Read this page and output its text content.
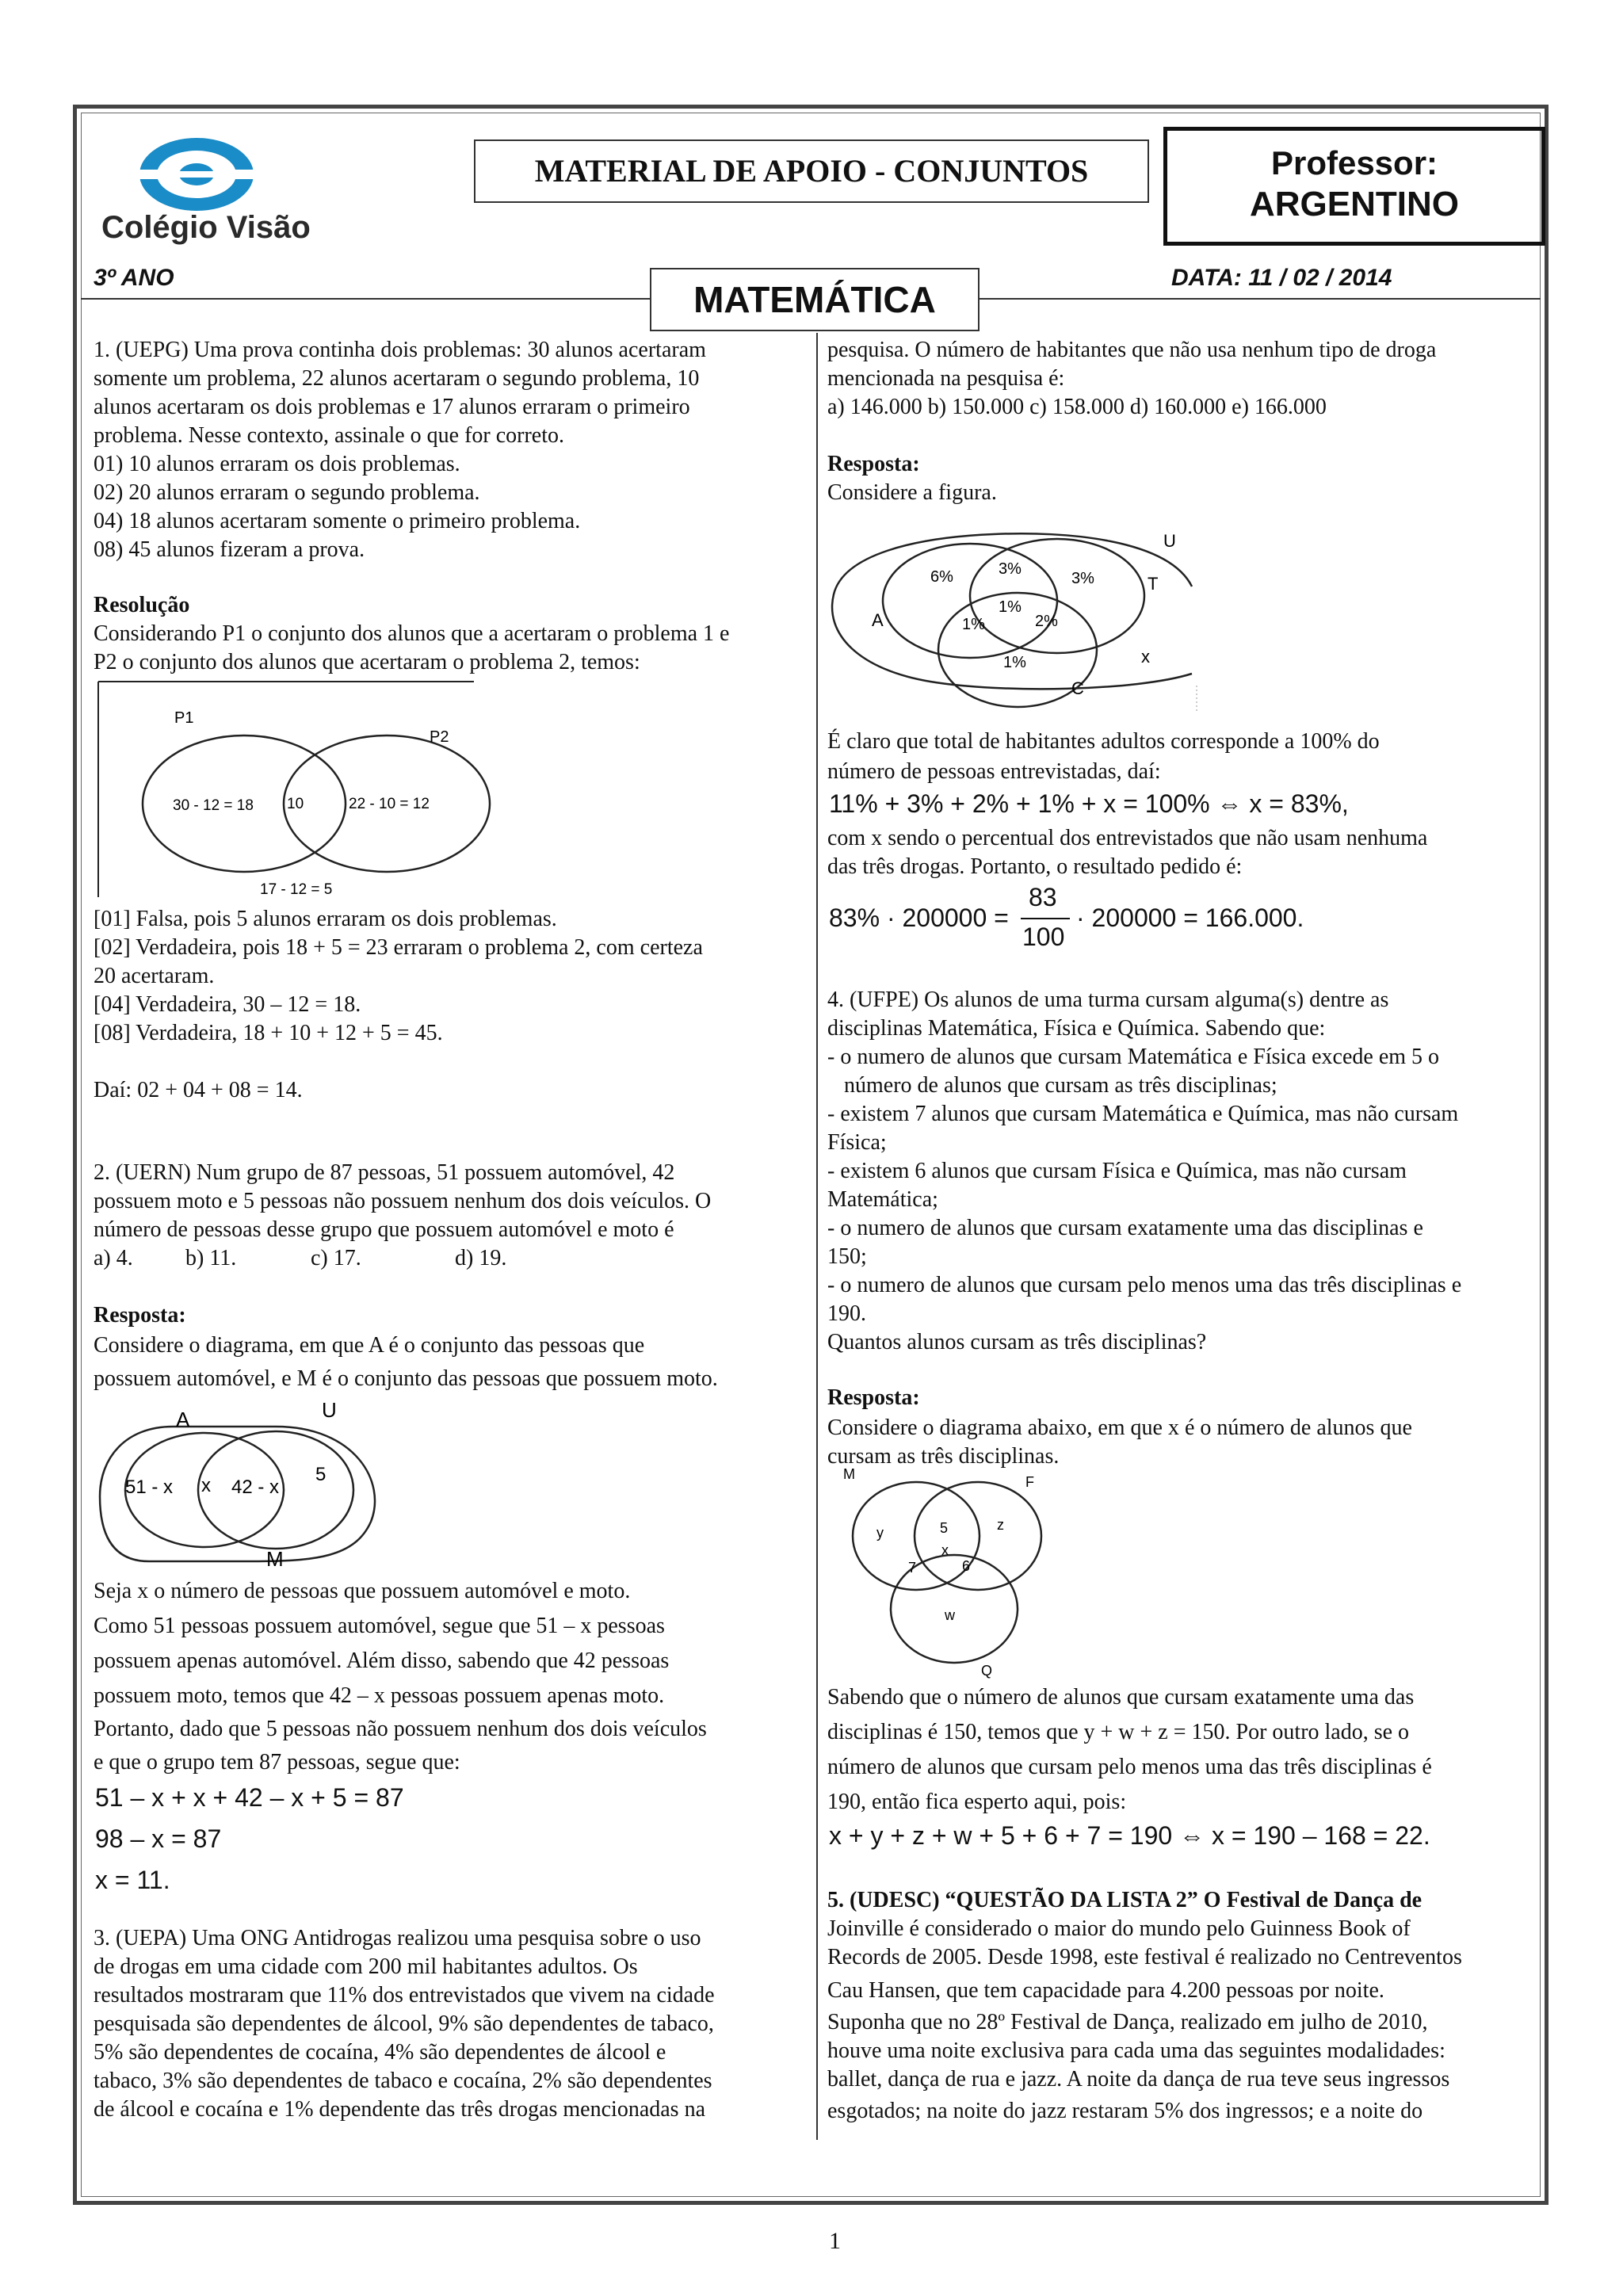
Colégio Visão
MATERIAL DE APOIO - CONJUNTOS	Professor:
ARGENTINO
3º ANO	DATA: 11 / 02 / 2014
MATEMÁTICA
1. (UEPG) Uma prova continha dois problemas: 30 alunos acertaram
somente um problema, 22 alunos acertaram o segundo problema, 10
alunos acertaram os dois problemas e 17 alunos erraram o primeiro
problema. Nesse contexto, assinale o que for correto.
01) 10 alunos erraram os dois problemas.
02) 20 alunos erraram o segundo problema.
04) 18 alunos acertaram somente o primeiro problema.
08) 45 alunos fizeram a prova.
Resolução
Considerando P1 o conjunto dos alunos que a acertaram o problema 1 e
P2 o conjunto dos alunos que acertaram o problema 2, temos:
P1
P2
30 - 12 = 18 10	22 - 10 = 12
17 - 12 = 5
[01] Falsa, pois 5 alunos erraram os dois problemas.
[02] Verdadeira, pois 18 + 5 = 23 erraram o problema 2, com certeza
20 acertaram.
[04] Verdadeira, 30 – 12 = 18.
[08] Verdadeira, 18 + 10 + 12 + 5 = 45.
Daí: 02 + 04 + 08 = 14.
2. (UERN) Num grupo de 87 pessoas, 51 possuem automóvel, 42
possuem moto e 5 pessoas não possuem nenhum dos dois veículos. O
número de pessoas desse grupo que possuem automóvel e moto é
a) 4. b) 11.	c) 17.	d) 19.
Resposta:
Considere o diagrama, em que A é o conjunto das pessoas que
possuem automóvel, e M é o conjunto das pessoas que possuem moto.
A	U
M
51 - x x 42 - x
5
Seja x o número de pessoas que possuem automóvel e moto.
Como 51 pessoas possuem automóvel, segue que 51 – x pessoas
possuem apenas automóvel. Além disso, sabendo que 42 pessoas
possuem moto, temos que 42 – x pessoas possuem apenas moto.
Portanto, dado que 5 pessoas não possuem nenhum dos dois veículos
e que o grupo tem 87 pessoas, segue que:
51 – x + x + 42 – x + 5 = 87
98 – x = 87
x = 11.
3. (UEPA) Uma ONG Antidrogas realizou uma pesquisa sobre o uso
de drogas em uma cidade com 200 mil habitantes adultos. Os
resultados mostraram que 11% dos entrevistados que vivem na cidade
pesquisada são dependentes de álcool, 9% são dependentes de tabaco,
5% são dependentes de cocaína, 4% são dependentes de álcool e
tabaco, 3% são dependentes de tabaco e cocaína, 2% são dependentes
de álcool e cocaína e 1% dependente das três drogas mencionadas na
pesquisa. O número de habitantes que não usa nenhum tipo de droga
mencionada na pesquisa é:
a) 146.000 b) 150.000 c) 158.000 d) 160.000 e) 166.000
Resposta:
Considere a figura.
U
T
A
C
x
6%	3%
3%
1%
1%	2%
1%
É claro que total de habitantes adultos corresponde a 100% do
número de pessoas entrevistadas, daí:
11% + 3% + 2% + 1% + x = 100% ⇔ x = 83%,
com x sendo o percentual dos entrevistados que não usam nenhuma
das três drogas. Portanto, o resultado pedido é:
83% · 200000 =
83
100
· 200000 = 166.000.
4. (UFPE) Os alunos de uma turma cursam alguma(s) dentre as
disciplinas Matemática, Física e Química. Sabendo que:
- o numero de alunos que cursam Matemática e Física excede em 5 o
número de alunos que cursam as três disciplinas;
- existem 7 alunos que cursam Matemática e Química, mas não cursam
Física;
- existem 6 alunos que cursam Física e Química, mas não cursam
Matemática;
- o numero de alunos que cursam exatamente uma das disciplinas e
150;
- o numero de alunos que cursam pelo menos uma das três disciplinas e
190.
Quantos alunos cursam as três disciplinas?
Resposta:
Considere o diagrama abaixo, em que x é o número de alunos que
cursam as três disciplinas.
M	F
Q
y	z
5
x
7	6
w
Sabendo que o número de alunos que cursam exatamente uma das
disciplinas é 150, temos que y + w + z = 150. Por outro lado, se o
número de alunos que cursam pelo menos uma das três disciplinas é
190, então fica esperto aqui, pois:
x + y + z + w + 5 + 6 + 7 = 190 ⇔ x = 190 – 168 = 22.
5. (UDESC) “QUESTÃO DA LISTA 2” O Festival de Dança de
Joinville é considerado o maior do mundo pelo Guinness Book of
Records de 2005. Desde 1998, este festival é realizado no Centreventos
Cau Hansen, que tem capacidade para 4.200 pessoas por noite.
Suponha que no 28º Festival de Dança, realizado em julho de 2010,
houve uma noite exclusiva para cada uma das seguintes modalidades:
ballet, dança de rua e jazz. A noite da dança de rua teve seus ingressos
esgotados; na noite do jazz restaram 5% dos ingressos; e a noite do
1
